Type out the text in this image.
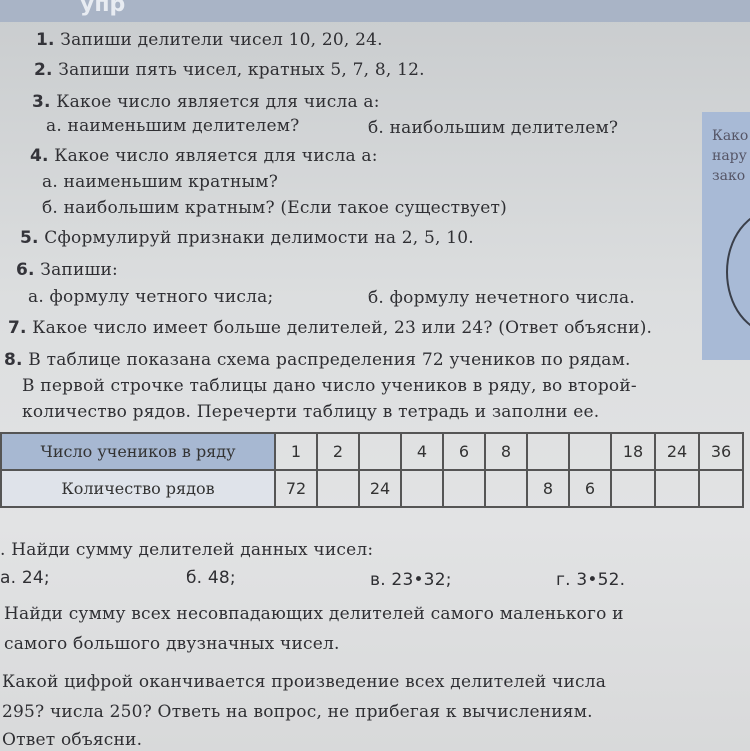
упр
Како
нару
зако
1. Запиши делители чисел 10, 20, 24.
2. Запиши пять чисел, кратных 5, 7, 8, 12.
3. Какое число является для числа а:
а. наименьшим делителем?	б. наибольшим делителем?
4. Какое число является для числа а:
а. наименьшим кратным?
б. наибольшим кратным? (Если такое существует)
5. Сформулируй признаки делимости на 2, 5, 10.
6. Запиши:
а. формулу четного числа;	б. формулу нечетного числа.
7. Какое число имеет больше делителей, 23 или 24? (Ответ объясни).
8. В таблице показана схема распределения 72 учеников по рядам.
В первой строчке таблицы дано число учеников в ряду, во второй-
количество рядов. Перечерти таблицу в тетрадь и заполни ее.
Число учеников в ряду	1	2		4	6	8			18	24	36
Количество рядов	72		24				8	6			
. Найди сумму делителей данных чисел:
а. 24;	б. 48;	в. 23•32;	г. 3•52.
Найди сумму всех несовпадающих делителей самого маленького и
самого большого двузначных чисел.
Какой цифрой оканчивается произведение всех делителей числа
295? числа 250? Ответь на вопрос, не прибегая к вычислениям.
Ответ объясни.
